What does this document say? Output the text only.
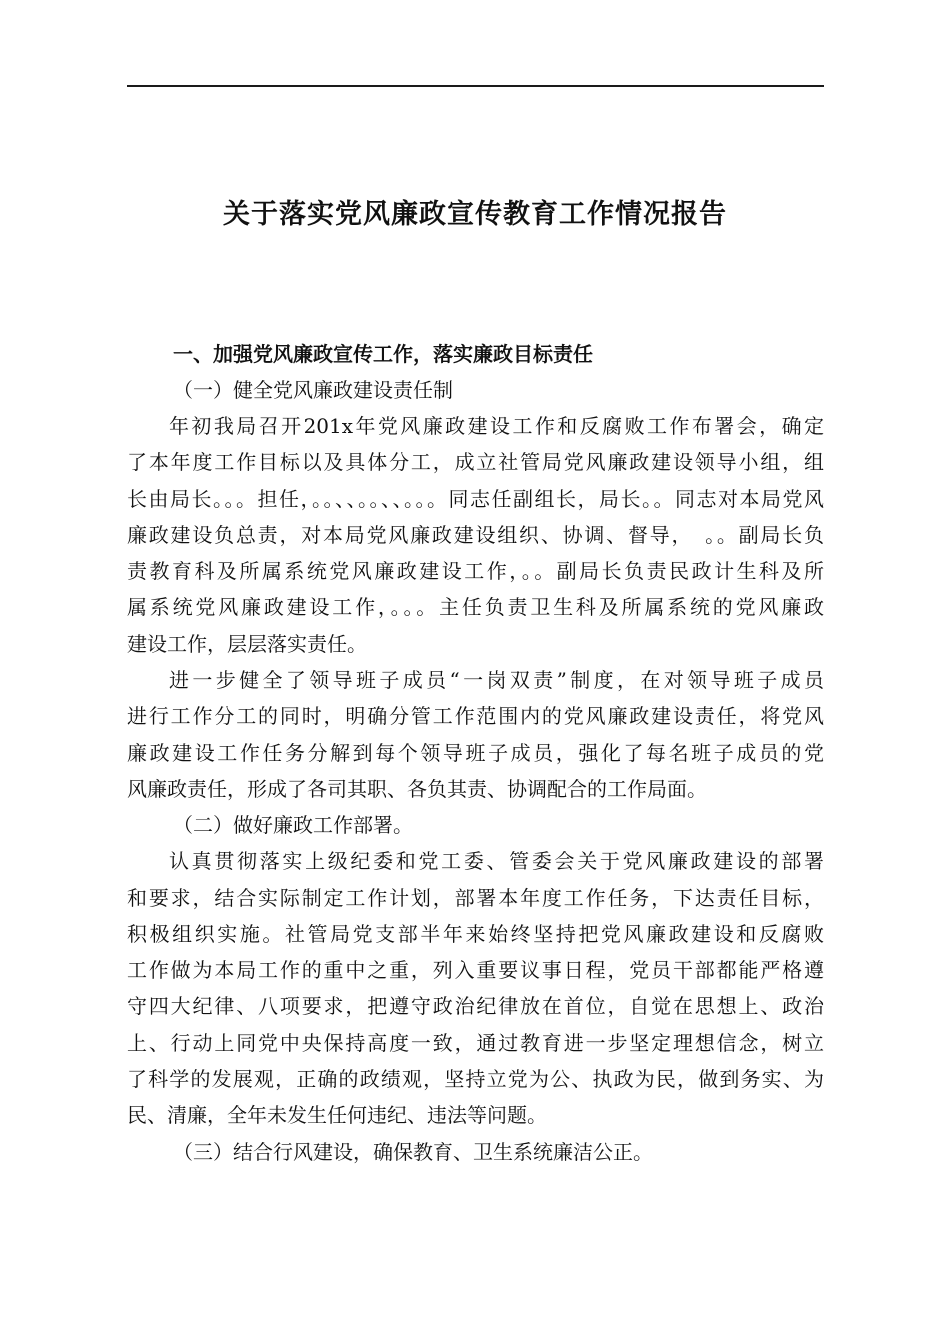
关于落实党风廉政宣传教育工作情况报告
一、加强党风廉政宣传工作，落实廉政目标责任
（一）健全党风廉政建设责任制
年初我局召开201x年党风廉政建设工作和反腐败工作布署会，确定
了本年度工作目标以及具体分工，成立社管局党风廉政建设领导小组，组
长由局长。。。担任，。。、、。。、、。。。同志任副组长，局长。。同志对本局党风
廉政建设负总责，对本局党风廉政建设组织、协调、督导，　。。副局长负
责教育科及所属系统党风廉政建设工作，。。副局长负责民政计生科及所
属系统党风廉政建设工作，。。。主任负责卫生科及所属系统的党风廉政
建设工作，层层落实责任。
进一步健全了领导班子成员“一岗双责”制度，在对领导班子成员
进行工作分工的同时，明确分管工作范围内的党风廉政建设责任，将党风
廉政建设工作任务分解到每个领导班子成员，强化了每名班子成员的党
风廉政责任，形成了各司其职、各负其责、协调配合的工作局面。
（二）做好廉政工作部署。
认真贯彻落实上级纪委和党工委、管委会关于党风廉政建设的部署
和要求，结合实际制定工作计划，部署本年度工作任务，下达责任目标，
积极组织实施。社管局党支部半年来始终坚持把党风廉政建设和反腐败
工作做为本局工作的重中之重，列入重要议事日程，党员干部都能严格遵
守四大纪律、八项要求，把遵守政治纪律放在首位，自觉在思想上、政治
上、行动上同党中央保持高度一致，通过教育进一步坚定理想信念，树立
了科学的发展观，正确的政绩观，坚持立党为公、执政为民，做到务实、为
民、清廉，全年未发生任何违纪、违法等问题。
（三）结合行风建设，确保教育、卫生系统廉洁公正。
